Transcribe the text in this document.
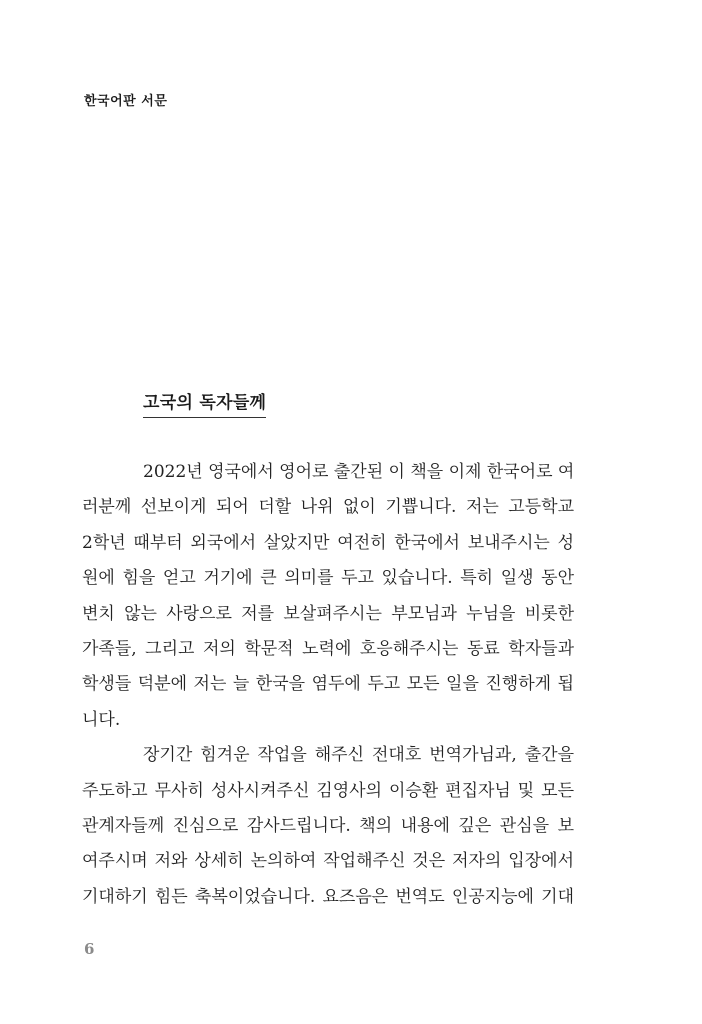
한국어판 서문
고국의 독자들께
2022년 영국에서 영어로 출간된 이 책을 이제 한국어로 여
러분께 선보이게 되어 더할 나위 없이 기쁩니다. 저는 고등학교
2학년 때부터 외국에서 살았지만 여전히 한국에서 보내주시는 성
원에 힘을 얻고 거기에 큰 의미를 두고 있습니다. 특히 일생 동안
변치 않는 사랑으로 저를 보살펴주시는 부모님과 누님을 비롯한
가족들, 그리고 저의 학문적 노력에 호응해주시는 동료 학자들과
학생들 덕분에 저는 늘 한국을 염두에 두고 모든 일을 진행하게 됩
니다.
장기간 힘겨운 작업을 해주신 전대호 번역가님과, 출간을
주도하고 무사히 성사시켜주신 김영사의 이승환 편집자님 및 모든
관계자들께 진심으로 감사드립니다. 책의 내용에 깊은 관심을 보
여주시며 저와 상세히 논의하여 작업해주신 것은 저자의 입장에서
기대하기 힘든 축복이었습니다. 요즈음은 번역도 인공지능에 기대
6
